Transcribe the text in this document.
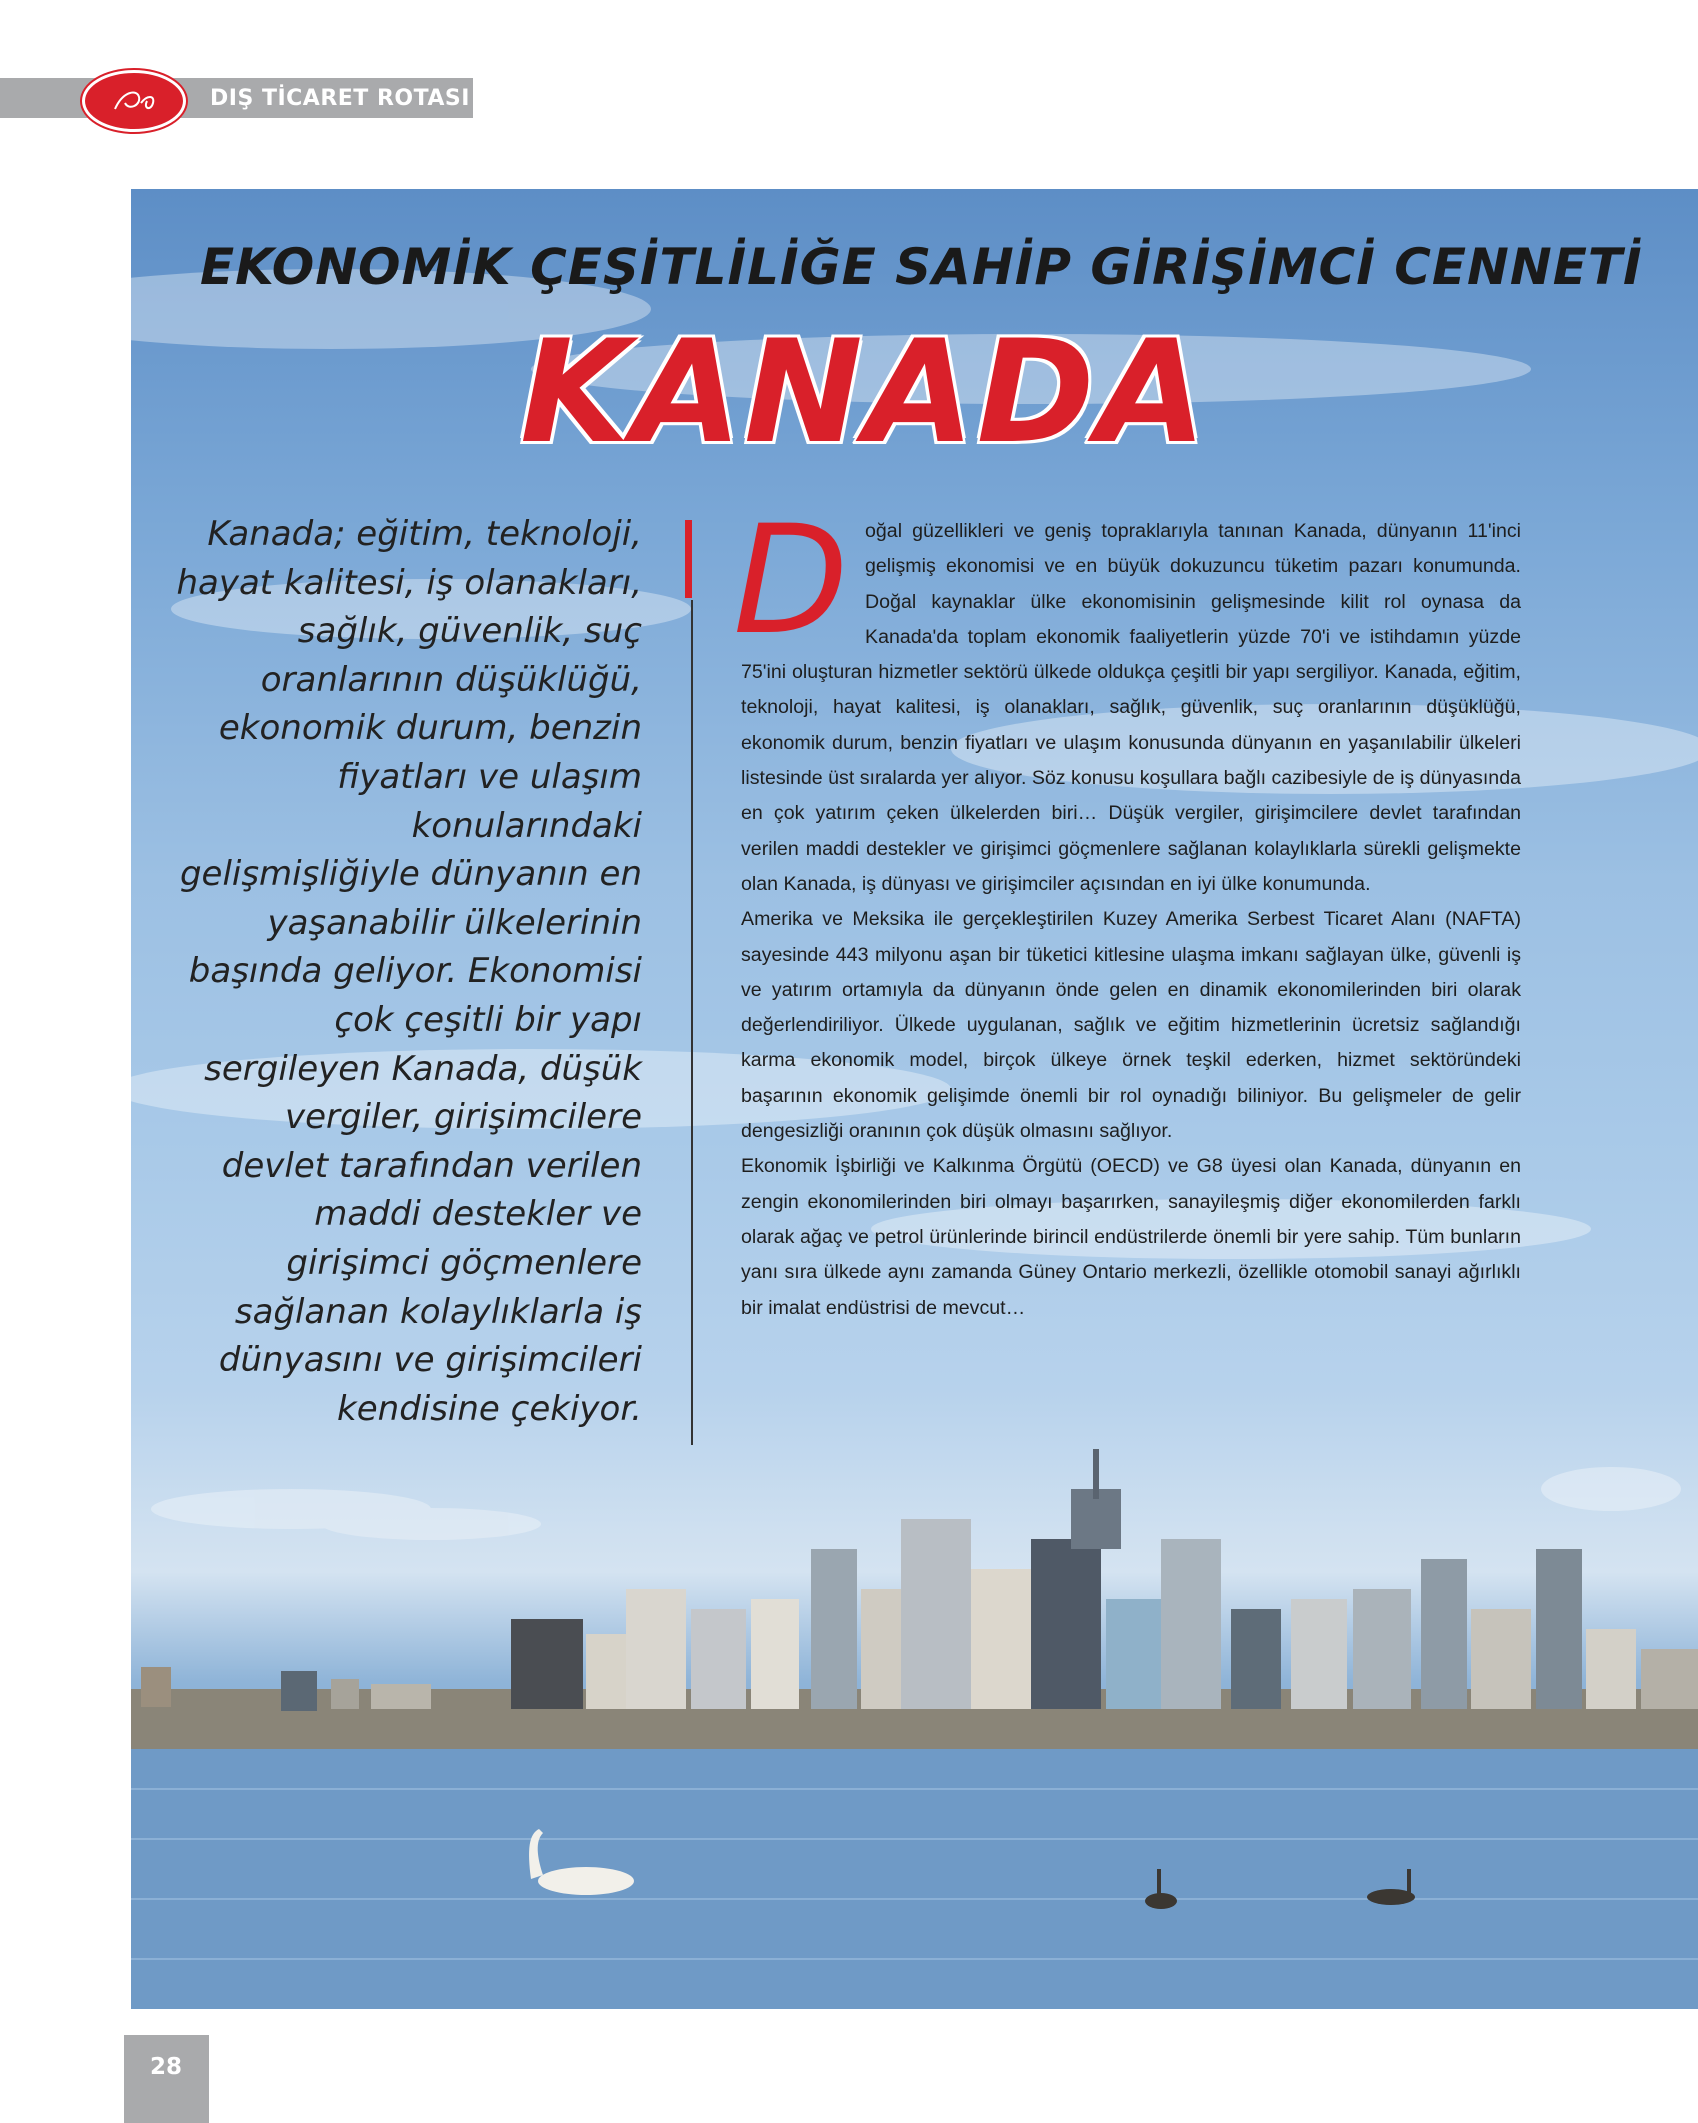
DIŞ TİCARET ROTASI
EKONOMİK ÇEŞİTLİLİĞE SAHİP GİRİŞİMCİ CENNETİ
KANADA
Kanada; eğitim, teknoloji, hayat kalitesi, iş olanakları, sağlık, güvenlik, suç oranlarının düşüklüğü, ekonomik durum, benzin fiyatları ve ulaşım konularındaki gelişmişliğiyle dünyanın en yaşanabilir ülkelerinin başında geliyor. Ekonomisi çok çeşitli bir yapı sergileyen Kanada, düşük vergiler, girişimcilere devlet tarafından verilen maddi destekler ve girişimci göçmenlere sağlanan kolaylıklarla iş dünyasını ve girişimcileri kendisine çekiyor.
D oğal güzellikleri ve geniş topraklarıyla tanınan Kanada, dünyanın 11'inci gelişmiş ekonomisi ve en büyük dokuzuncu tüketim pazarı konumunda. Doğal kaynaklar ülke ekonomisinin gelişmesinde kilit rol oynasa da Kanada'da toplam ekonomik faaliyetlerin yüzde 70'i ve istihdamın yüzde 75'ini oluşturan hizmetler sektörü ülkede oldukça çeşitli bir yapı sergiliyor. Kanada, eğitim, teknoloji, hayat kalitesi, iş olanakları, sağlık, güvenlik, suç oranlarının düşüklüğü, ekonomik durum, benzin fiyatları ve ulaşım konusunda dünyanın en yaşanılabilir ülkeleri listesinde üst sıralarda yer alıyor. Söz konusu koşullara bağlı cazibesiyle de iş dünyasında en çok yatırım çeken ülkelerden biri… Düşük vergiler, girişimcilere devlet tarafından verilen maddi destekler ve girişimci göçmenlere sağlanan kolaylıklarla sürekli gelişmekte olan Kanada, iş dünyası ve girişimciler açısından en iyi ülke konumunda.

Amerika ve Meksika ile gerçekleştirilen Kuzey Amerika Serbest Ticaret Alanı (NAFTA) sayesinde 443 milyonu aşan bir tüketici kitlesine ulaşma imkanı sağlayan ülke, güvenli iş ve yatırım ortamıyla da dünyanın önde gelen en dinamik ekonomilerinden biri olarak değerlendiriliyor. Ülkede uygulanan, sağlık ve eğitim hizmetlerinin ücretsiz sağlandığı karma ekonomik model, birçok ülkeye örnek teşkil ederken, hizmet sektöründeki başarının ekonomik gelişimde önemli bir rol oynadığı biliniyor. Bu gelişmeler de gelir dengesizliği oranının çok düşük olmasını sağlıyor.

Ekonomik İşbirliği ve Kalkınma Örgütü (OECD) ve G8 üyesi olan Kanada, dünyanın en zengin ekonomilerinden biri olmayı başarırken, sanayileşmiş diğer ekonomilerden farklı olarak ağaç ve petrol ürünlerinde birincil endüstrilerde önemli bir yere sahip. Tüm bunların yanı sıra ülkede aynı zamanda Güney Ontario merkezli, özellikle otomobil sanayi ağırlıklı bir imalat endüstrisi de mevcut…

28
